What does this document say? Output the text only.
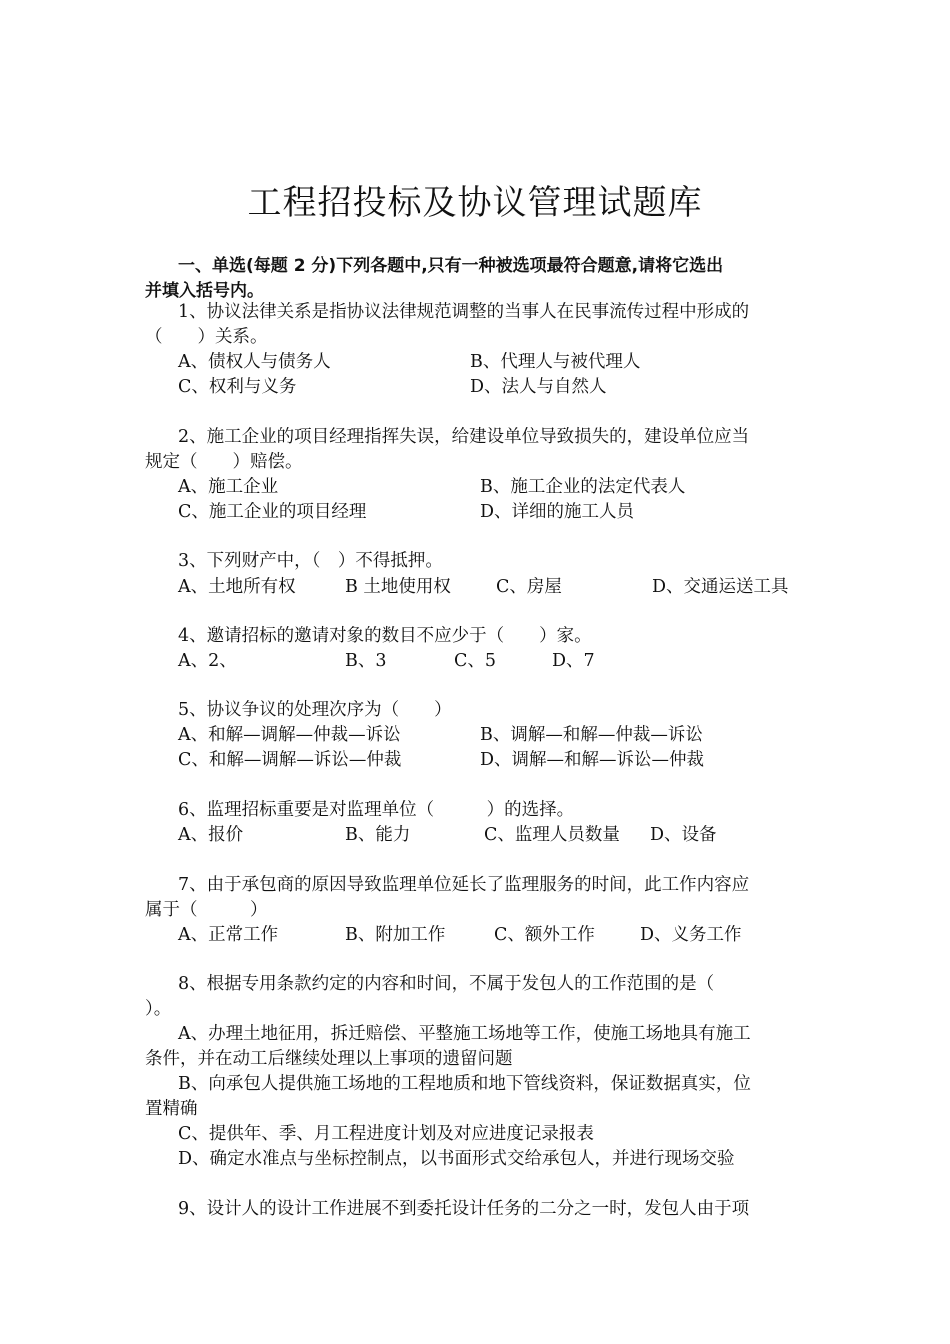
工程招投标及协议管理试题库
一、单选(每题 2 分)下列各题中,只有一种被选项最符合题意,请将它选出
并填入括号内。
1、协议法律关系是指协议法律规范调整的当事人在民事流传过程中形成的
（　　）关系。
A、债权人与债务人	B、代理人与被代理人
C、权利与义务	D、法人与自然人
2、施工企业的项目经理指挥失误，给建设单位导致损失的，建设单位应当
规定（　　）赔偿。
A、施工企业	B、施工企业的法定代表人
C、施工企业的项目经理	D、详细的施工人员
3、下列财产中，（　）不得抵押。
A、土地所有权	B 土地使用权	C、房屋	D、交通运送工具
4、邀请招标的邀请对象的数目不应少于（　　）家。
A、2、	B、3	C、5	D、7
5、协议争议的处理次序为（　　）
A、和解—调解—仲裁—诉讼	B、调解—和解—仲裁—诉讼
C、和解—调解—诉讼—仲裁	D、调解—和解—诉讼—仲裁
6、监理招标重要是对监理单位（　　　）的选择。
A、报价	B、能力	C、监理人员数量 D、设备
7、由于承包商的原因导致监理单位延长了监理服务的时间，此工作内容应
属于（　　　）
A、正常工作	B、附加工作	C、额外工作	D、义务工作
8、根据专用条款约定的内容和时间，不属于发包人的工作范围的是（
）。
A、办理土地征用，拆迁赔偿、平整施工场地等工作，使施工场地具有施工
条件，并在动工后继续处理以上事项的遗留问题
B、向承包人提供施工场地的工程地质和地下管线资料，保证数据真实，位
置精确
C、提供年、季、月工程进度计划及对应进度记录报表
D、确定水准点与坐标控制点，以书面形式交给承包人，并进行现场交验
9、设计人的设计工作进展不到委托设计任务的二分之一时，发包人由于项
